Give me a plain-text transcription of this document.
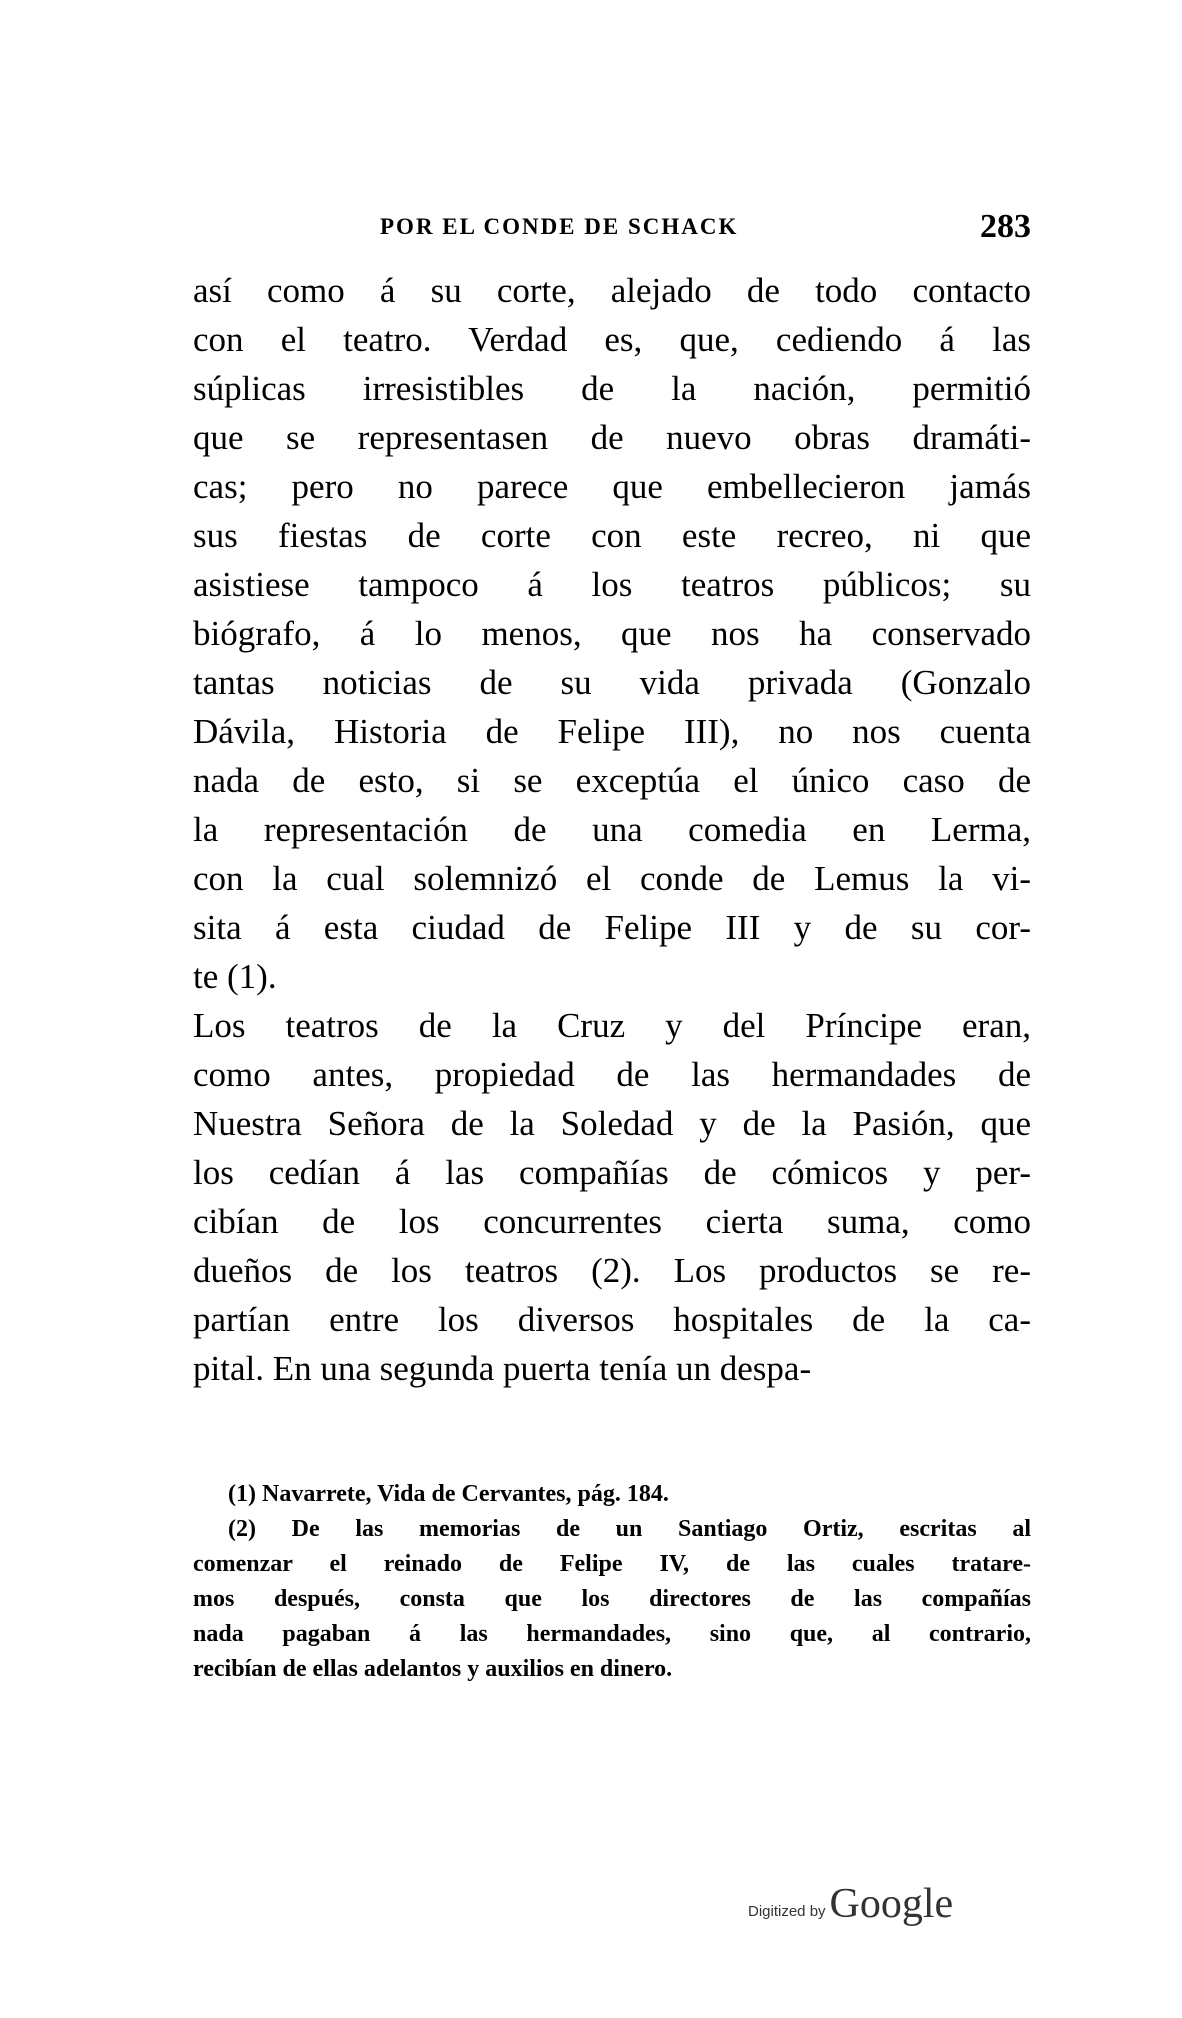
POR EL CONDE DE SCHACK	283
así como á su corte, alejado de todo contacto
con el teatro. Verdad es, que, cediendo á las
súplicas irresistibles de la nación, permitió
que se representasen de nuevo obras dramáti-
cas; pero no parece que embellecieron jamás
sus fiestas de corte con este recreo, ni que
asistiese tampoco á los teatros públicos; su
biógrafo, á lo menos, que nos ha conservado
tantas noticias de su vida privada (Gonzalo
Dávila, Historia de Felipe III), no nos cuenta
nada de esto, si se exceptúa el único caso de
la representación de una comedia en Lerma,
con la cual solemnizó el conde de Lemus la vi-
sita á esta ciudad de Felipe III y de su cor-
te (1).
Los teatros de la Cruz y del Príncipe eran,
como antes, propiedad de las hermandades de
Nuestra Señora de la Soledad y de la Pasión, que
los cedían á las compañías de cómicos y per-
cibían de los concurrentes cierta suma, como
dueños de los teatros (2). Los productos se re-
partían entre los diversos hospitales de la ca-
pital. En una segunda puerta tenía un despa-
(1) Navarrete, Vida de Cervantes, pág. 184.
(2) De las memorias de un Santiago Ortiz, escritas al
comenzar el reinado de Felipe IV, de las cuales tratare-
mos después, consta que los directores de las compañías
nada pagaban á las hermandades, sino que, al contrario,
recibían de ellas adelantos y auxilios en dinero.
Digitized by Google
